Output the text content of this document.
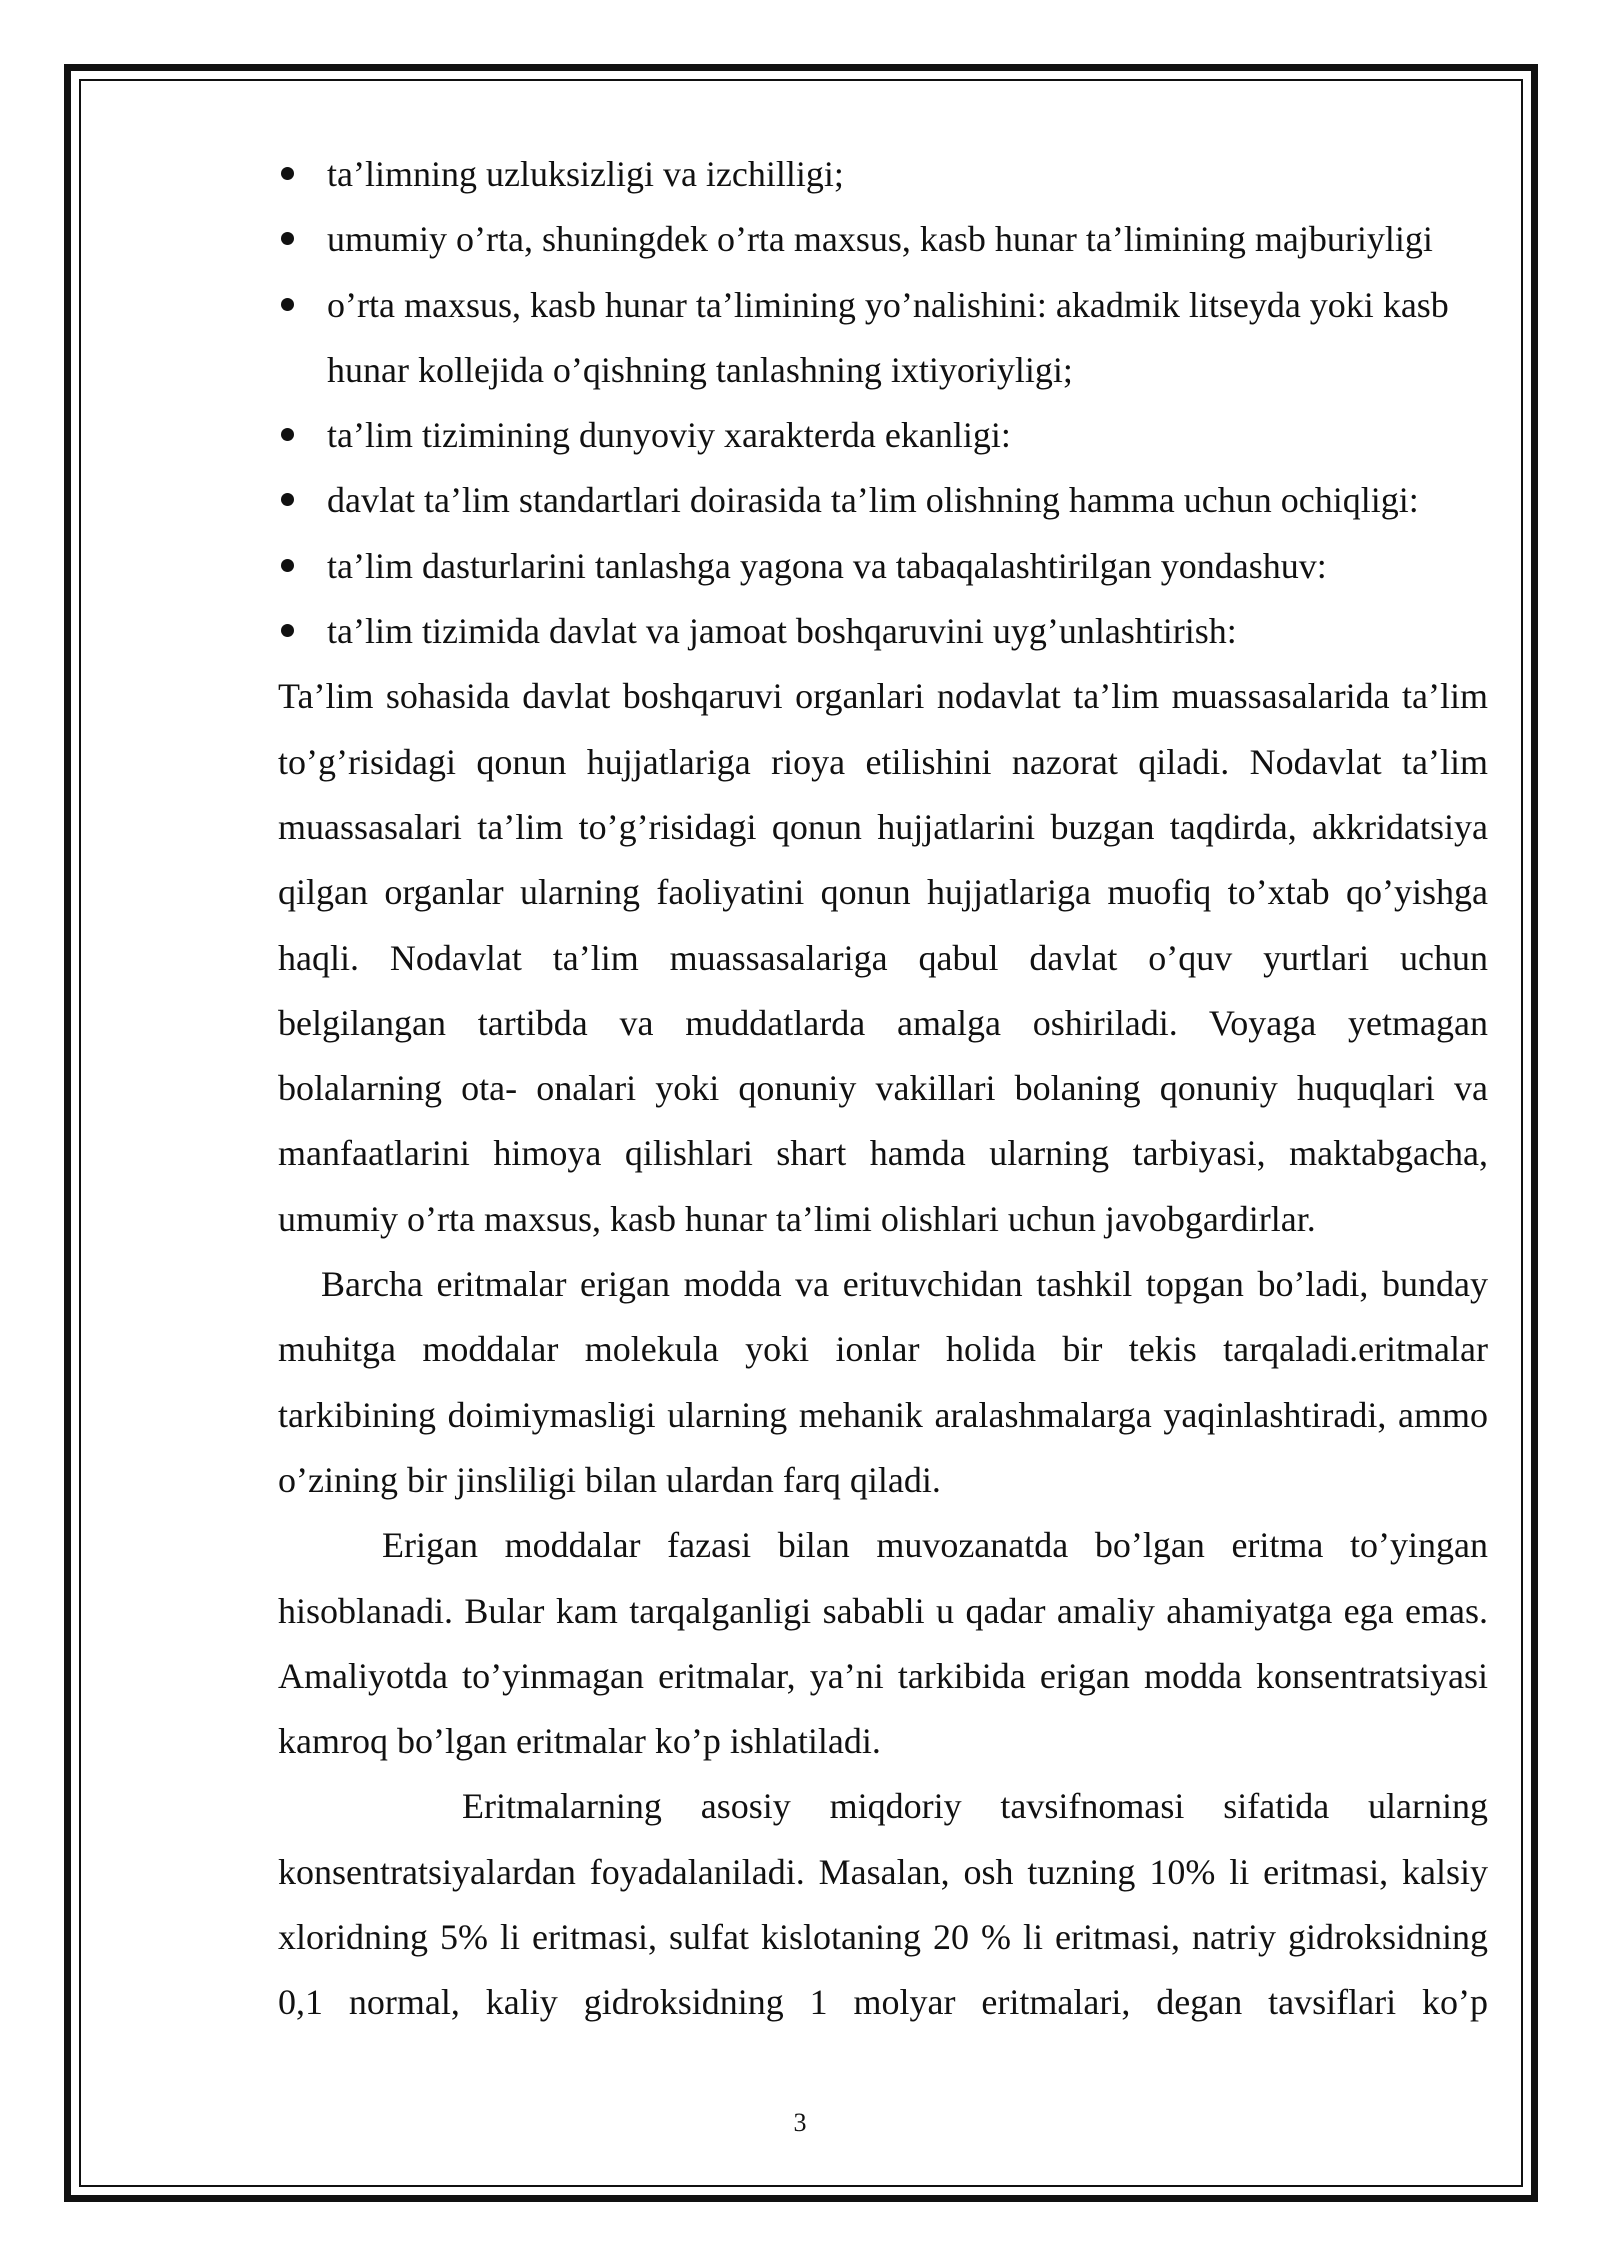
ta’limning uzluksizligi va izchilligi;
umumiy o’rta, shuningdek o’rta maxsus, kasb hunar ta’limining majburiyligi
o’rta maxsus, kasb hunar ta’limining yo’nalishini: akadmik litseyda yoki kasb hunar kollejida o’qishning tanlashning ixtiyoriyligi;
ta’lim tizimining dunyoviy xarakterda ekanligi:
davlat ta’lim standartlari doirasida ta’lim olishning hamma uchun ochiqligi:
ta’lim dasturlarini tanlashga yagona va tabaqalashtirilgan yondashuv:
ta’lim tizimida davlat va jamoat boshqaruvini uyg’unlashtirish:

Ta’lim sohasida davlat boshqaruvi organlari nodavlat ta’lim muassasalarida ta’lim to’g’risidagi qonun hujjatlariga rioya etilishini nazorat qiladi. Nodavlat ta’lim muassasalari ta’lim to’g’risidagi qonun hujjatlarini buzgan taqdirda, akkridatsiya qilgan organlar ularning faoliyatini qonun hujjatlariga muofiq to’xtab qo’yishga haqli. Nodavlat ta’lim muassasalariga qabul davlat o’quv yurtlari uchun belgilangan tartibda va muddatlarda amalga oshiriladi. Voyaga yetmagan bolalarning ota- onalari yoki qonuniy vakillari bolaning qonuniy huquqlari va manfaatlarini himoya qilishlari shart hamda ularning tarbiyasi, maktabgacha, umumiy o’rta maxsus, kasb hunar ta’limi olishlari uchun javobgardirlar.

Barcha eritmalar erigan modda va erituvchidan tashkil topgan bo’ladi, bunday muhitga moddalar molekula yoki ionlar holida bir tekis tarqaladi.eritmalar tarkibining doimiymasligi ularning mehanik aralashmalarga yaqinlashtiradi, ammo o’zining bir jinsliligi bilan ulardan farq qiladi.

Erigan moddalar fazasi bilan muvozanatda bo’lgan eritma to’yingan hisoblanadi. Bular kam tarqalganligi sababli u qadar amaliy ahamiyatga ega emas. Amaliyotda to’yinmagan eritmalar, ya’ni tarkibida erigan modda konsentratsiyasi kamroq bo’lgan eritmalar ko’p ishlatiladi.

Eritmalarning asosiy miqdoriy tavsifnomasi sifatida ularning konsentratsiyalardan foyadalaniladi. Masalan, osh tuzning 10% li eritmasi, kalsiy xloridning 5% li eritmasi, sulfat kislotaning 20 % li eritmasi, natriy gidroksidning 0,1 normal, kaliy gidroksidning 1 molyar eritmalari, degan tavsiflari ko’p

3
